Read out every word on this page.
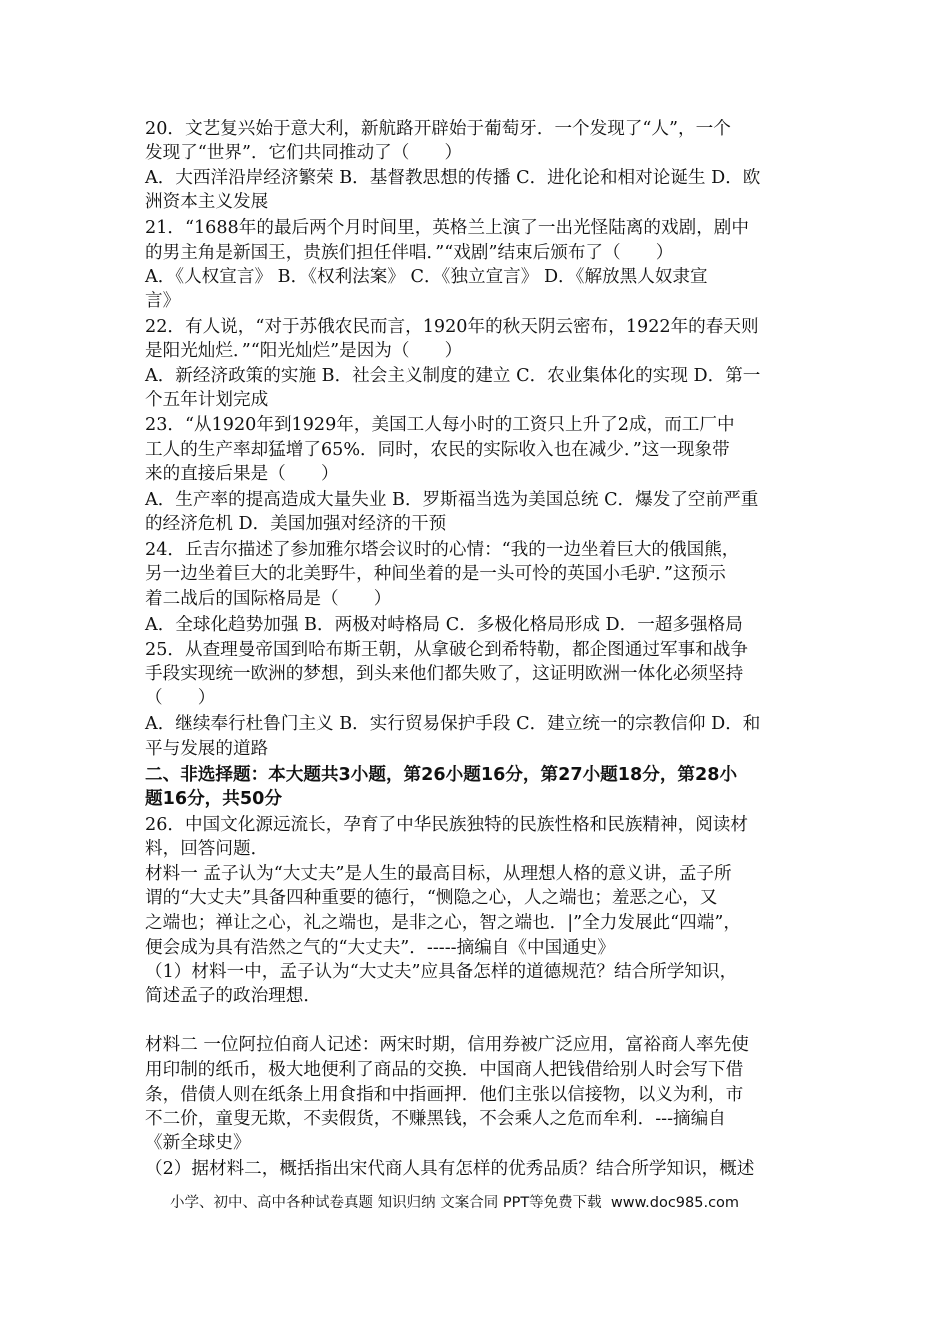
20．文艺复兴始于意大利，新航路开辟始于葡萄牙．一个发现了“人”，一个
发现了“世界”．它们共同推动了（　　）
A．大西洋沿岸经济繁荣 B．基督教思想的传播 C．进化论和相对论诞生 D．欧
洲资本主义发展
21．“1688年的最后两个月时间里，英格兰上演了一出光怪陆离的戏剧，剧中
的男主角是新国王，贵族们担任伴唱．”“戏剧”结束后颁布了（　　）
A．《人权宣言》 B．《权利法案》 C．《独立宣言》 D．《解放黑人奴隶宣
言》
22．有人说，“对于苏俄农民而言，1920年的秋天阴云密布，1922年的春天则
是阳光灿烂．”“阳光灿烂”是因为（　　）
A．新经济政策的实施 B．社会主义制度的建立 C．农业集体化的实现 D．第一
个五年计划完成
23．“从1920年到1929年，美国工人每小时的工资只上升了2成，而工厂中
工人的生产率却猛增了65%．同时，农民的实际收入也在减少．”这一现象带
来的直接后果是（　　）
A．生产率的提高造成大量失业 B．罗斯福当选为美国总统 C．爆发了空前严重
的经济危机 D．美国加强对经济的干预
24．丘吉尔描述了参加雅尔塔会议时的心情：“我的一边坐着巨大的俄国熊，
另一边坐着巨大的北美野牛，种间坐着的是一头可怜的英国小毛驴．”这预示
着二战后的国际格局是（　　）
A．全球化趋势加强 B．两极对峙格局 C．多极化格局形成 D．一超多强格局
25．从查理曼帝国到哈布斯王朝，从拿破仑到希特勒，都企图通过军事和战争
手段实现统一欧洲的梦想，到头来他们都失败了，这证明欧洲一体化必须坚持
（　　）
A．继续奉行杜鲁门主义 B．实行贸易保护手段 C．建立统一的宗教信仰 D．和
平与发展的道路
二、非选择题：本大题共3小题，第26小题16分，第27小题18分，第28小
题16分，共50分
26．中国文化源远流长，孕育了中华民族独特的民族性格和民族精神，阅读材
料，回答问题．
材料一 孟子认为“大丈夫”是人生的最高目标，从理想人格的意义讲，孟子所
谓的“大丈夫”具备四种重要的德行，“恻隐之心，人之端也；羞恶之心，又
之端也；禅让之心，礼之端也，是非之心，智之端也．|”全力发展此“四端”，
便会成为具有浩然之气的“大丈夫”．-----摘编自《中国通史》
（1）材料一中，孟子认为“大丈夫”应具备怎样的道德规范？结合所学知识，
简述孟子的政治理想．
材料二 一位阿拉伯商人记述：两宋时期，信用券被广泛应用，富裕商人率先使
用印制的纸币，极大地便利了商品的交换．中国商人把钱借给别人时会写下借
条，借债人则在纸条上用食指和中指画押．他们主张以信接物，以义为利，市
不二价，童叟无欺，不卖假货，不赚黑钱，不会乘人之危而牟利．---摘编自
《新全球史》
（2）据材料二，概括指出宋代商人具有怎样的优秀品质？结合所学知识，概述
小学、初中、高中各种试卷真题 知识归纳 文案合同 PPT等免费下载  www.doc985.com
